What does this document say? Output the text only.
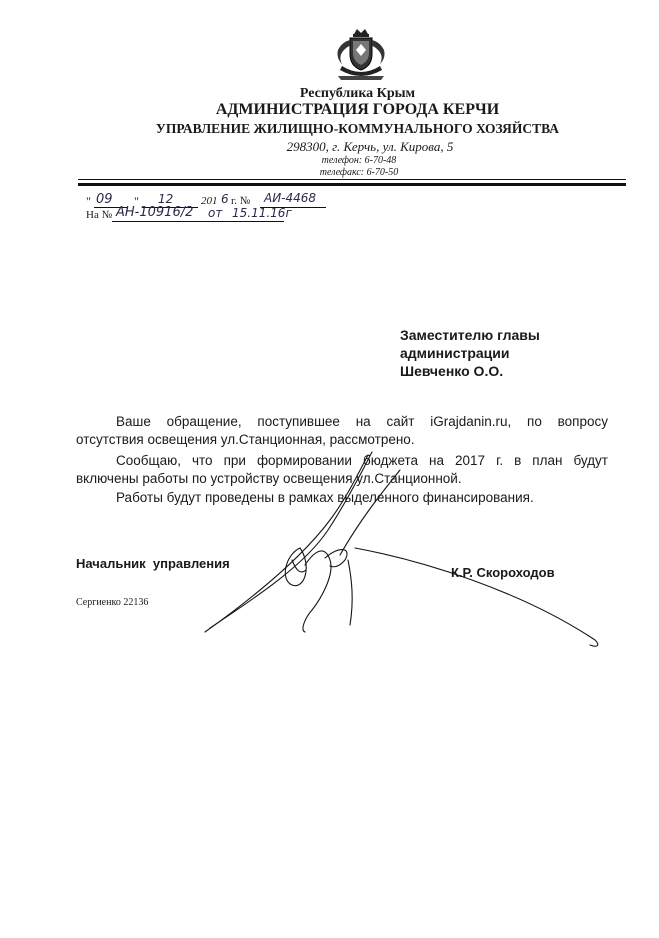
Республика Крым
АДМИНИСТРАЦИЯ ГОРОДА КЕРЧИ
УПРАВЛЕНИЕ ЖИЛИЩНО-КОММУНАЛЬНОГО ХОЗЯЙСТВА
298300, г. Керчь, ул. Кирова, 5
телефон: 6-70-48
телефакс: 6-70-50
" 09 " 12	201 6 г. № АИ-4468
На № АН-10916/2 от 15.11.16г
Заместителю главы
администрации
Шевченко О.О.
Ваше обращение, поступившее на сайт iGrajdanin.ru, по вопросу
отсутствия освещения ул.Станционная, рассмотрено.
Сообщаю, что при формировании бюджета на 2017 г. в план будут
включены работы по устройству освещения ул.Станционной.
Работы будут проведены в рамках выделенного финансирования.
Начальник  управления
К.Р. Скороходов
Сергиенко 22136
